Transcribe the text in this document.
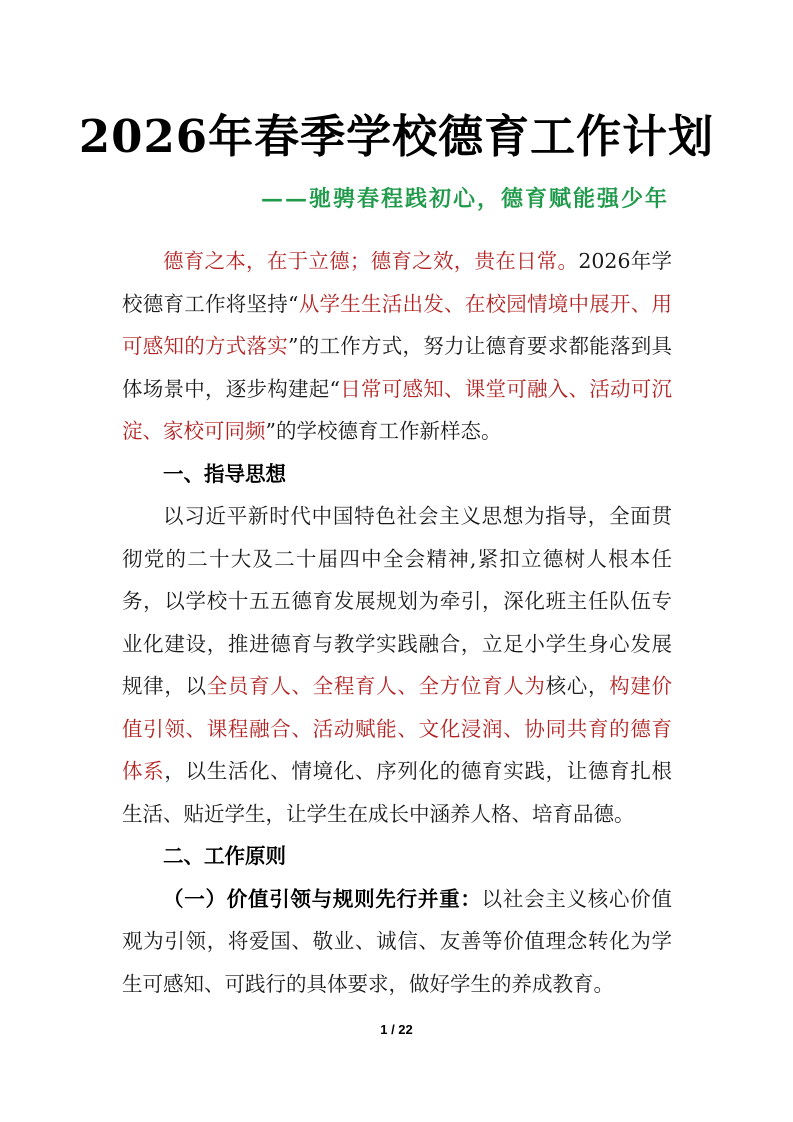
2026年春季学校德育工作计划
——驰骋春程践初心，德育赋能强少年

德育之本，在于立德；德育之效，贵在日常。2026年学校德育工作将坚持“从学生生活出发、在校园情境中展开、用可感知的方式落实”的工作方式，努力让德育要求都能落到具体场景中，逐步构建起“日常可感知、课堂可融入、活动可沉淀、家校可同频”的学校德育工作新样态。

一、指导思想

以习近平新时代中国特色社会主义思想为指导，全面贯彻党的二十大及二十届四中全会精神,紧扣立德树人根本任务，以学校十五五德育发展规划为牵引，深化班主任队伍专业化建设，推进德育与教学实践融合，立足小学生身心发展规律，以全员育人、全程育人、全方位育人为核心，构建价值引领、课程融合、活动赋能、文化浸润、协同共育的德育体系，以生活化、情境化、序列化的德育实践，让德育扎根生活、贴近学生，让学生在成长中涵养人格、培育品德。

二、工作原则

（一）价值引领与规则先行并重：以社会主义核心价值观为引领，将爱国、敬业、诚信、友善等价值理念转化为学生可感知、可践行的具体要求，做好学生的养成教育。

1 / 22
